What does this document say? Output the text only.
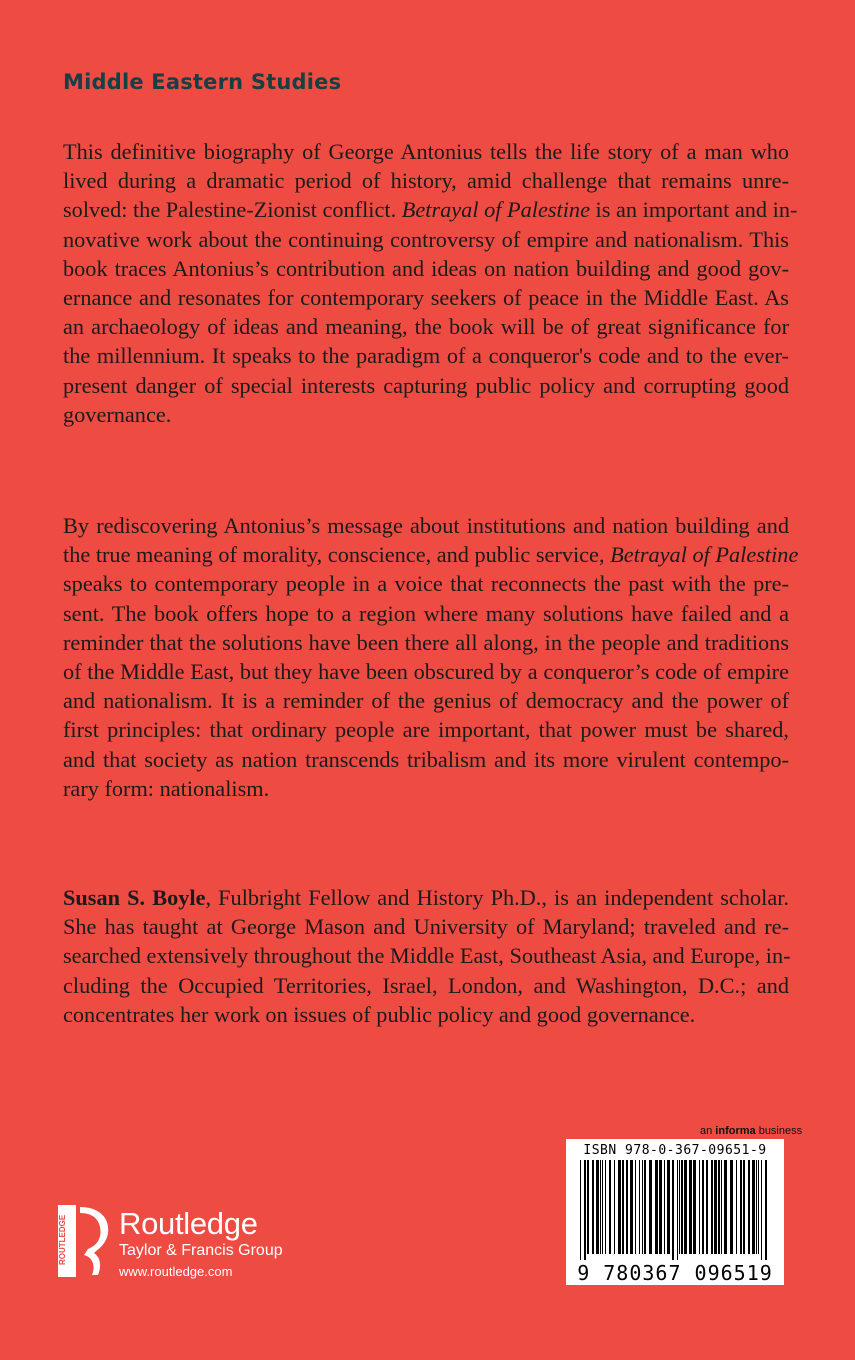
Middle Eastern Studies
This definitive biography of George Antonius tells the life story of a man who
lived during a dramatic period of history, amid challenge that remains unre-
solved: the Palestine-Zionist conflict. Betrayal of Palestine is an important and in-
novative work about the continuing controversy of empire and nationalism. This
book traces Antonius’s contribution and ideas on nation building and good gov-
ernance and resonates for contemporary seekers of peace in the Middle East. As
an archaeology of ideas and meaning, the book will be of great significance for
the millennium. It speaks to the paradigm of a conqueror's code and to the ever-
present danger of special interests capturing public policy and corrupting good
governance.
By rediscovering Antonius’s message about institutions and nation building and
the true meaning of morality, conscience, and public service, Betrayal of Palestine
speaks to contemporary people in a voice that reconnects the past with the pre-
sent. The book offers hope to a region where many solutions have failed and a
reminder that the solutions have been there all along, in the people and traditions
of the Middle East, but they have been obscured by a conqueror’s code of empire
and nationalism. It is a reminder of the genius of democracy and the power of
first principles: that ordinary people are important, that power must be shared,
and that society as nation transcends tribalism and its more virulent contempo-
rary form: nationalism.
Susan S. Boyle, Fulbright Fellow and History Ph.D., is an independent scholar.
She has taught at George Mason and University of Maryland; traveled and re-
searched extensively throughout the Middle East, Southeast Asia, and Europe, in-
cluding the Occupied Territories, Israel, London, and Washington, D.C.; and
concentrates her work on issues of public policy and good governance.
an informa business
ISBN 978-0-367-09651-9
9 780367 096519
ROUTLEDGE Routledge
Taylor & Francis Group
www.routledge.com
